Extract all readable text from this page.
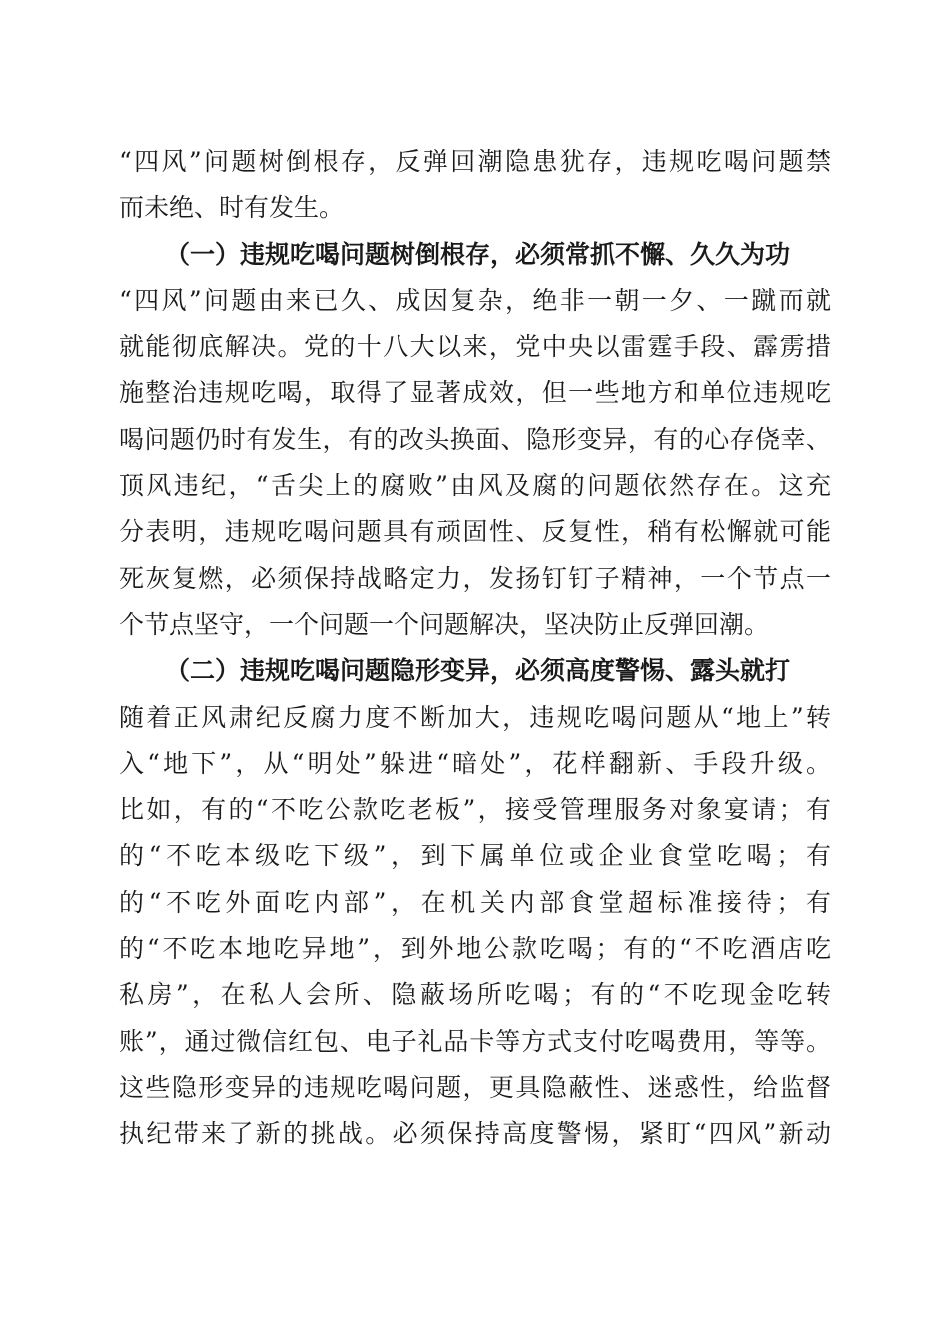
“四风”问题树倒根存，反弹回潮隐患犹存，违规吃喝问题禁
而未绝、时有发生。
（一）违规吃喝问题树倒根存，必须常抓不懈、久久为功
“四风”问题由来已久、成因复杂，绝非一朝一夕、一蹴而就
就能彻底解决。党的十八大以来，党中央以雷霆手段、霹雳措
施整治违规吃喝，取得了显著成效，但一些地方和单位违规吃
喝问题仍时有发生，有的改头换面、隐形变异，有的心存侥幸、
顶风违纪，“舌尖上的腐败”由风及腐的问题依然存在。这充
分表明，违规吃喝问题具有顽固性、反复性，稍有松懈就可能
死灰复燃，必须保持战略定力，发扬钉钉子精神，一个节点一
个节点坚守，一个问题一个问题解决，坚决防止反弹回潮。
（二）违规吃喝问题隐形变异，必须高度警惕、露头就打
随着正风肃纪反腐力度不断加大，违规吃喝问题从“地上”转
入“地下”，从“明处”躲进“暗处”，花样翻新、手段升级。
比如，有的“不吃公款吃老板”，接受管理服务对象宴请；有
的“不吃本级吃下级”，到下属单位或企业食堂吃喝；有
的“不吃外面吃内部”，在机关内部食堂超标准接待；有
的“不吃本地吃异地”，到外地公款吃喝；有的“不吃酒店吃
私房”，在私人会所、隐蔽场所吃喝；有的“不吃现金吃转
账”，通过微信红包、电子礼品卡等方式支付吃喝费用，等等。
这些隐形变异的违规吃喝问题，更具隐蔽性、迷惑性，给监督
执纪带来了新的挑战。必须保持高度警惕，紧盯“四风”新动
